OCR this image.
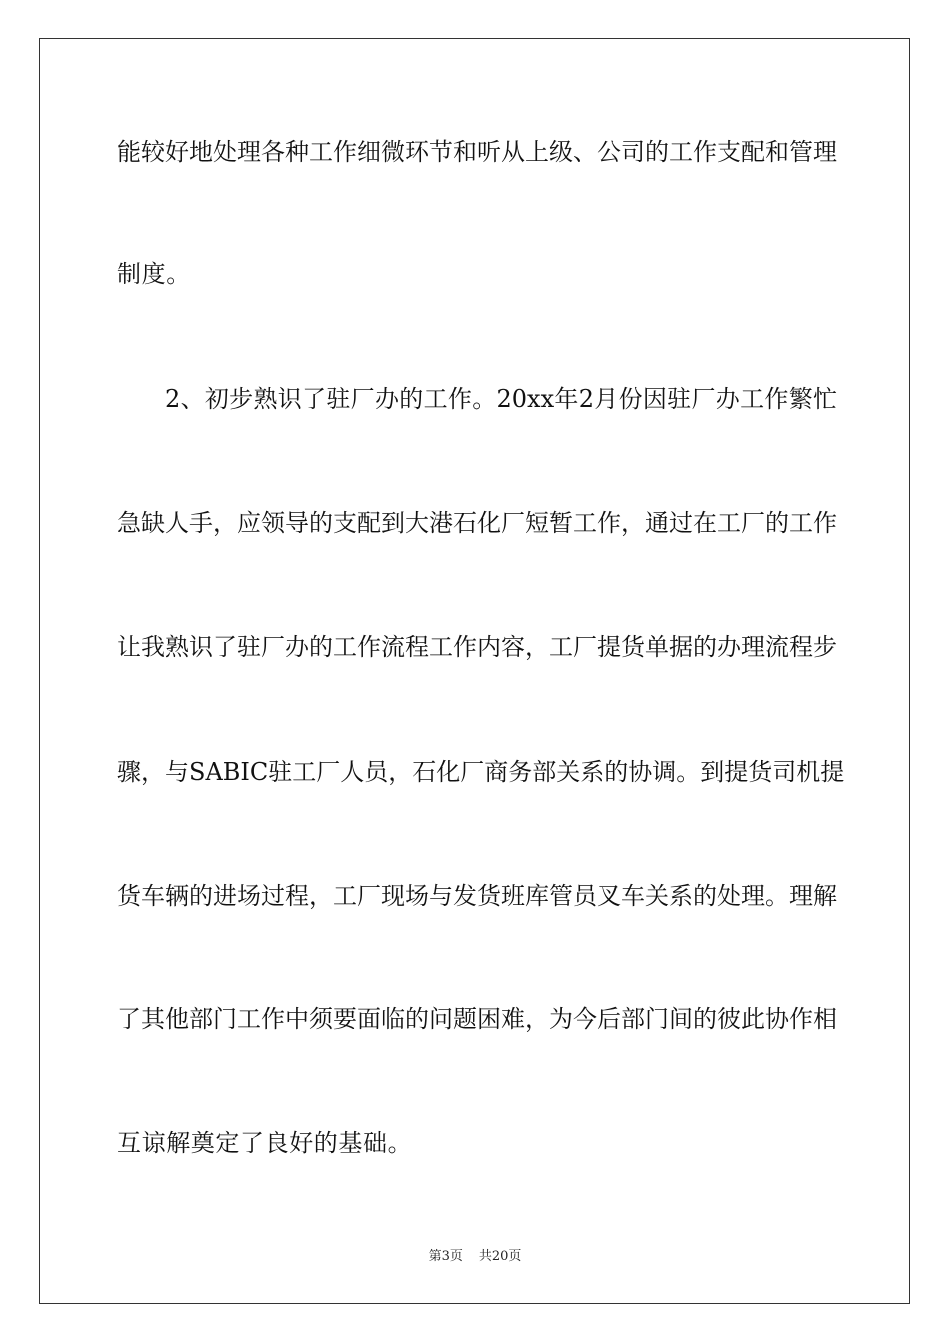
能较好地处理各种工作细微环节和听从上级、公司的工作支配和管理
制度。
2、初步熟识了驻厂办的工作。20xx年2月份因驻厂办工作繁忙
急缺人手，应领导的支配到大港石化厂短暂工作，通过在工厂的工作
让我熟识了驻厂办的工作流程工作内容，工厂提货单据的办理流程步
骤，与SABIC驻工厂人员，石化厂商务部关系的协调。到提货司机提
货车辆的进场过程，工厂现场与发货班库管员叉车关系的处理。理解
了其他部门工作中须要面临的问题困难，为今后部门间的彼此协作相
互谅解奠定了良好的基础。
第3页 共20页
